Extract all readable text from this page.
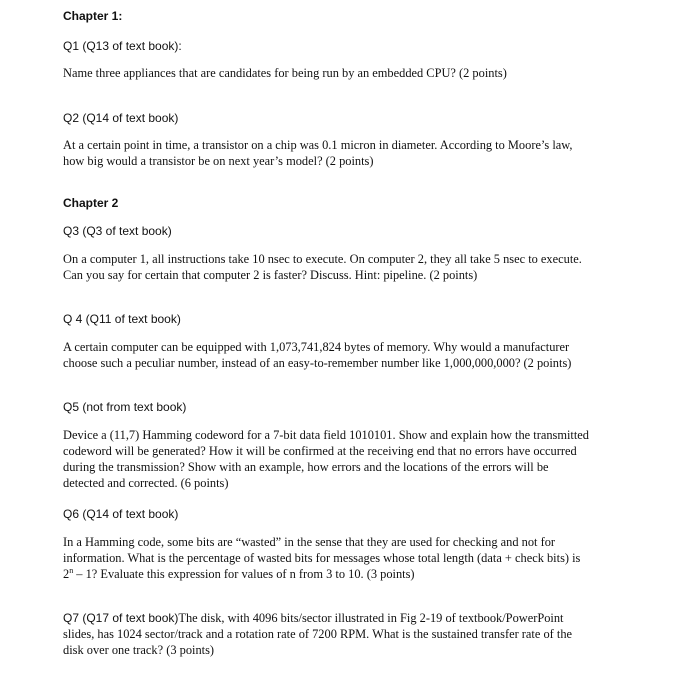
Chapter 1:
Q1 (Q13 of text book):
Name three appliances that are candidates for being run by an embedded CPU? (2 points)
Q2 (Q14 of text book)
At a certain point in time, a transistor on a chip was 0.1 micron in diameter. According to Moore’s law,
how big would a transistor be on next year’s model? (2 points)
Chapter 2
Q3 (Q3 of text book)
On a computer 1, all instructions take 10 nsec to execute. On computer 2, they all take 5 nsec to execute.
Can you say for certain that computer 2 is faster? Discuss. Hint: pipeline. (2 points)
Q 4 (Q11 of text book)
A certain computer can be equipped with 1,073,741,824 bytes of memory. Why would a manufacturer
choose such a peculiar number, instead of an easy-to-remember number like 1,000,000,000? (2 points)
Q5 (not from text book)
Device a (11,7) Hamming codeword for a 7-bit data field 1010101. Show and explain how the transmitted
codeword will be generated? How it will be confirmed at the receiving end that no errors have occurred
during the transmission? Show with an example, how errors and the locations of the errors will be
detected and corrected. (6 points)
Q6 (Q14 of text book)
In a Hamming code, some bits are “wasted” in the sense that they are used for checking and not for
information. What is the percentage of wasted bits for messages whose total length (data + check bits) is
2$^n$ – 1? Evaluate this expression for values of n from 3 to 10. (3 points)
Q7 (Q17 of text book)The disk, with 4096 bits/sector illustrated in Fig 2-19 of textbook/PowerPoint
slides, has 1024 sector/track and a rotation rate of 7200 RPM. What is the sustained transfer rate of the
disk over one track? (3 points)
